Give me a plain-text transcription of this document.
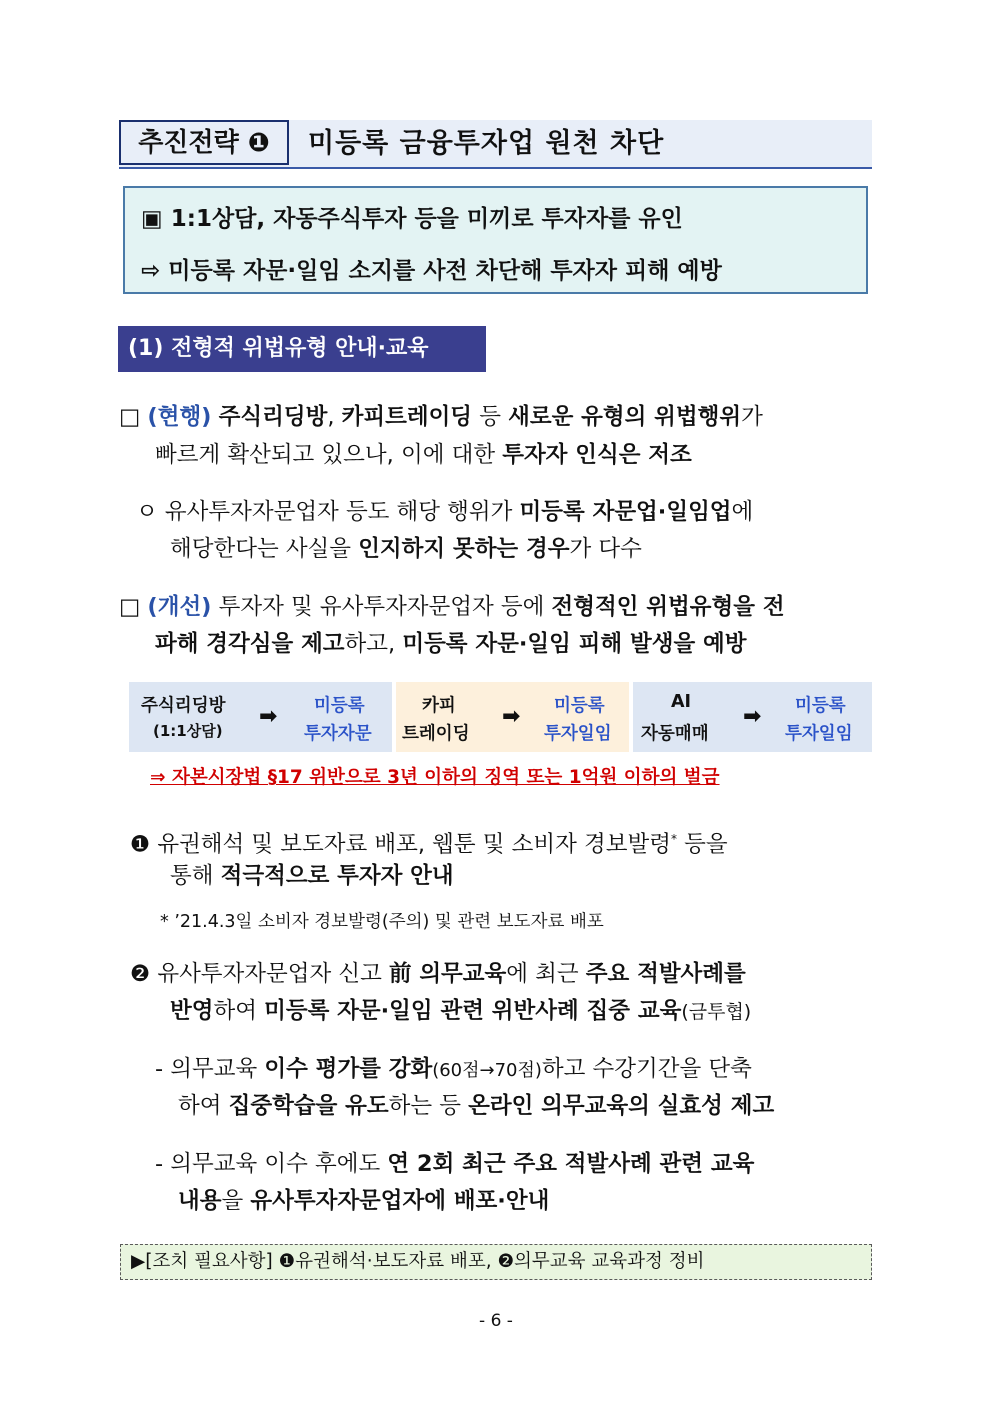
추진전략 ❶	미등록 금융투자업 원천 차단
▣ 1:1상담, 자동주식투자 등을 미끼로 투자자를 유인
⇨ 미등록 자문·일임 소지를 사전 차단해 투자자 피해 예방
(1) 전형적 위법유형 안내·교육
□ (현행) 주식리딩방, 카피트레이딩 등 새로운 유형의 위법행위가
빠르게 확산되고 있으나, 이에 대한 투자자 인식은 저조
ㅇ 유사투자자문업자 등도 해당 행위가 미등록 자문업·일임업에
해당한다는 사실을 인지하지 못하는 경우가 다수
□ (개선) 투자자 및 유사투자자문업자 등에 전형적인 위법유형을 전
파해 경각심을 제고하고, 미등록 자문·일임 피해 발생을 예방
주식리딩방
(1:1상담)
➡ 미등록
투자자문
카피
트레이딩
➡ 미등록
투자일임
AI
자동매매
➡ 미등록
투자일임
⇒ 자본시장법 §17 위반으로 3년 이하의 징역 또는 1억원 이하의 벌금
❶ 유권해석 및 보도자료 배포, 웹툰 및 소비자 경보발령* 등을
통해 적극적으로 투자자 안내
* ’21.4.3일 소비자 경보발령(주의) 및 관련 보도자료 배포
❷ 유사투자자문업자 신고 前 의무교육에 최근 주요 적발사례를
반영하여 미등록 자문·일임 관련 위반사례 집중 교육(금투협)
- 의무교육 이수 평가를 강화(60점→70점)하고 수강기간을 단축
하여 집중학습을 유도하는 등 온라인 의무교육의 실효성 제고
- 의무교육 이수 후에도 연 2회 최근 주요 적발사례 관련 교육
내용을 유사투자자문업자에 배포·안내
▶[조치 필요사항] ❶유권해석·보도자료 배포, ❷의무교육 교육과정 정비
- 6 -
